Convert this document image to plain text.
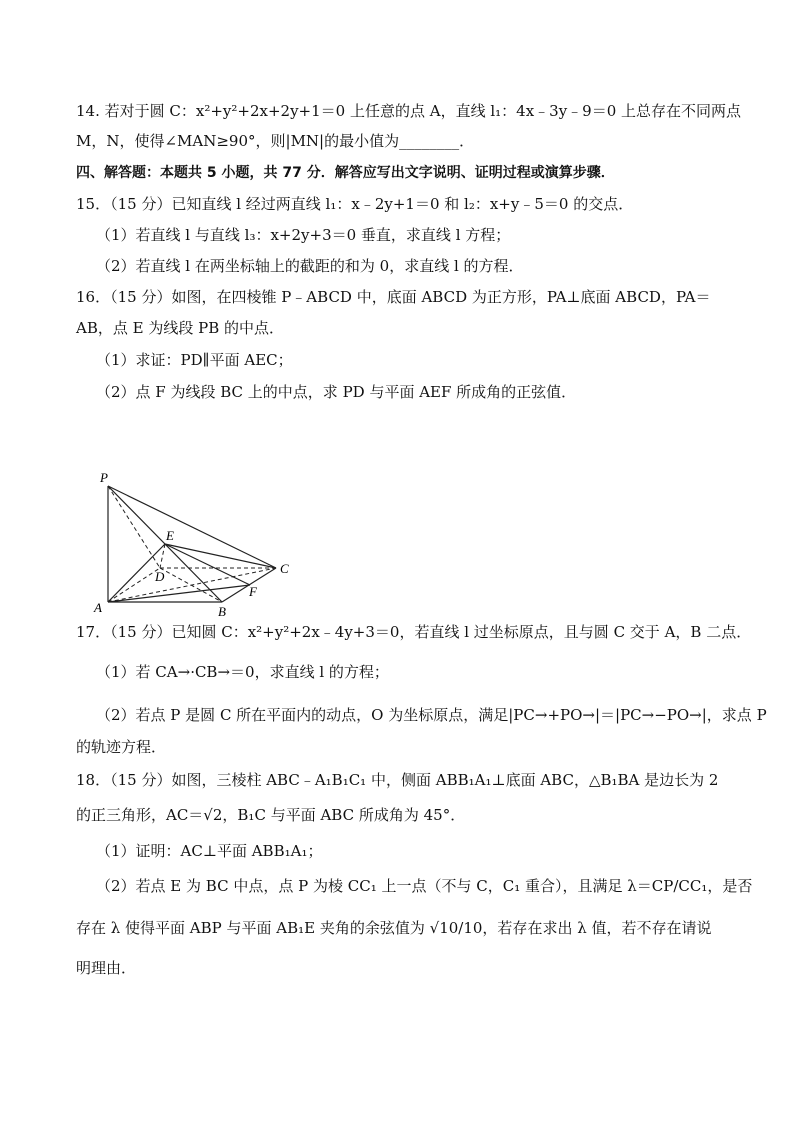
14. 若对于圆 C：x²+y²+2x+2y+1＝0 上任意的点 A，直线 l₁：4x﹣3y﹣9＝0 上总存在不同两点
M，N，使得∠MAN≥90°，则|MN|的最小值为________．
四、解答题：本题共 5 小题，共 77 分．解答应写出文字说明、证明过程或演算步骤．
15．（15 分）已知直线 l 经过两直线 l₁：x﹣2y+1＝0 和 l₂：x+y﹣5＝0 的交点．
（1）若直线 l 与直线 l₃：x+2y+3＝0 垂直，求直线 l 方程；
（2）若直线 l 在两坐标轴上的截距的和为 0，求直线 l 的方程．
16．（15 分）如图，在四棱锥 P﹣ABCD 中，底面 ABCD 为正方形，PA⊥底面 ABCD，PA＝
AB，点 E 为线段 PB 的中点．
（1）求证：PD∥平面 AEC；
（2）点 F 为线段 BC 上的中点，求 PD 与平面 AEF 所成角的正弦值．
P
E
D
C
F
A	B
17．（15 分）已知圆 C：x²+y²+2x﹣4y+3＝0，若直线 l 过坐标原点，且与圆 C 交于 A，B 二点．
（1）若 CA→·CB→＝0，求直线 l 的方程；
（2）若点 P 是圆 C 所在平面内的动点，O 为坐标原点，满足|PC→+PO→|＝|PC→−PO→|，求点 P
的轨迹方程．
18．（15 分）如图，三棱柱 ABC﹣A₁B₁C₁ 中，侧面 ABB₁A₁⊥底面 ABC，△B₁BA 是边长为 2
的正三角形，AC＝√2，B₁C 与平面 ABC 所成角为 45°．
（1）证明：AC⊥平面 ABB₁A₁；
（2）若点 E 为 BC 中点，点 P 为棱 CC₁ 上一点（不与 C，C₁ 重合），且满足 λ＝CP/CC₁，是否
存在 λ 使得平面 ABP 与平面 AB₁E 夹角的余弦值为 √10/10，若存在求出 λ 值，若不存在请说
明理由．
